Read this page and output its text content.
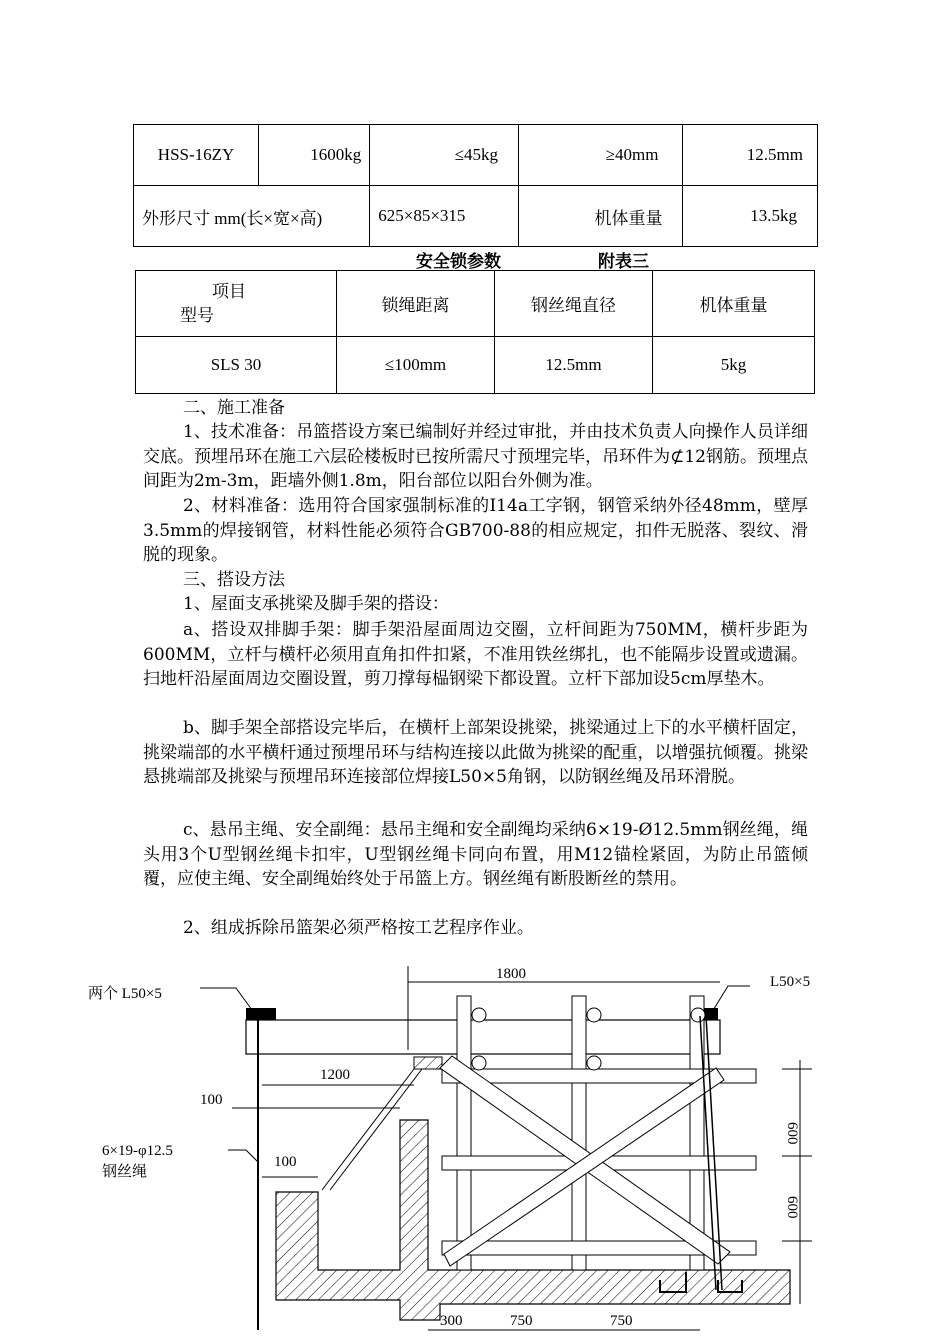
HSS-16ZY	1600kg	≤45kg	≥40mm	12.5mm
外形尺寸 mm(长×宽×高)		625×85×315	机体重量	13.5kg
安全锁参数	附表三
项目
型号	锁绳距离	钢丝绳直径	机体重量
SLS 30	≤100mm	12.5mm	5kg
二、施工准备
1、技术准备：吊篮搭设方案已编制好并经过审批，并由技术负责人向操作人员详细交底。预埋吊环在施工六层砼楼板时已按所需尺寸预埋完毕，吊环件为⊄12钢筋。预埋点间距为2m-3m，距墙外侧1.8m，阳台部位以阳台外侧为准。
2、材料准备：选用符合国家强制标准的I14a工字钢，钢管采纳外径48mm，壁厚3.5mm的焊接钢管，材料性能必须符合GB700-88的相应规定，扣件无脱落、裂纹、滑脱的现象。
三、搭设方法
1、屋面支承挑梁及脚手架的搭设：
a、搭设双排脚手架：脚手架沿屋面周边交圈，立杆间距为750MM，横杆步距为600MM，立杆与横杆必须用直角扣件扣紧，不准用铁丝绑扎，也不能隔步设置或遗漏。扫地杆沿屋面周边交圈设置，剪刀撑每榀钢梁下都设置。立杆下部加设5cm厚垫木。
b、脚手架全部搭设完毕后，在横杆上部架设挑梁，挑梁通过上下的水平横杆固定，挑梁端部的水平横杆通过预埋吊环与结构连接以此做为挑梁的配重，以增强抗倾覆。挑梁悬挑端部及挑梁与预埋吊环连接部位焊接L50×5角钢，以防钢丝绳及吊环滑脱。
c、悬吊主绳、安全副绳：悬吊主绳和安全副绳均采纳6×19-Ø12.5mm钢丝绳，绳头用3个U型钢丝绳卡扣牢，U型钢丝绳卡同向布置，用M12锚栓紧固，为防止吊篮倾覆，应使主绳、安全副绳始终处于吊篮上方。钢丝绳有断股断丝的禁用。
2、组成拆除吊篮架必须严格按工艺程序作业。
两个 L50×5
L50×5
1800
1200
100
6×19-φ12.5
钢丝绳
100
600
600
300	750	750
